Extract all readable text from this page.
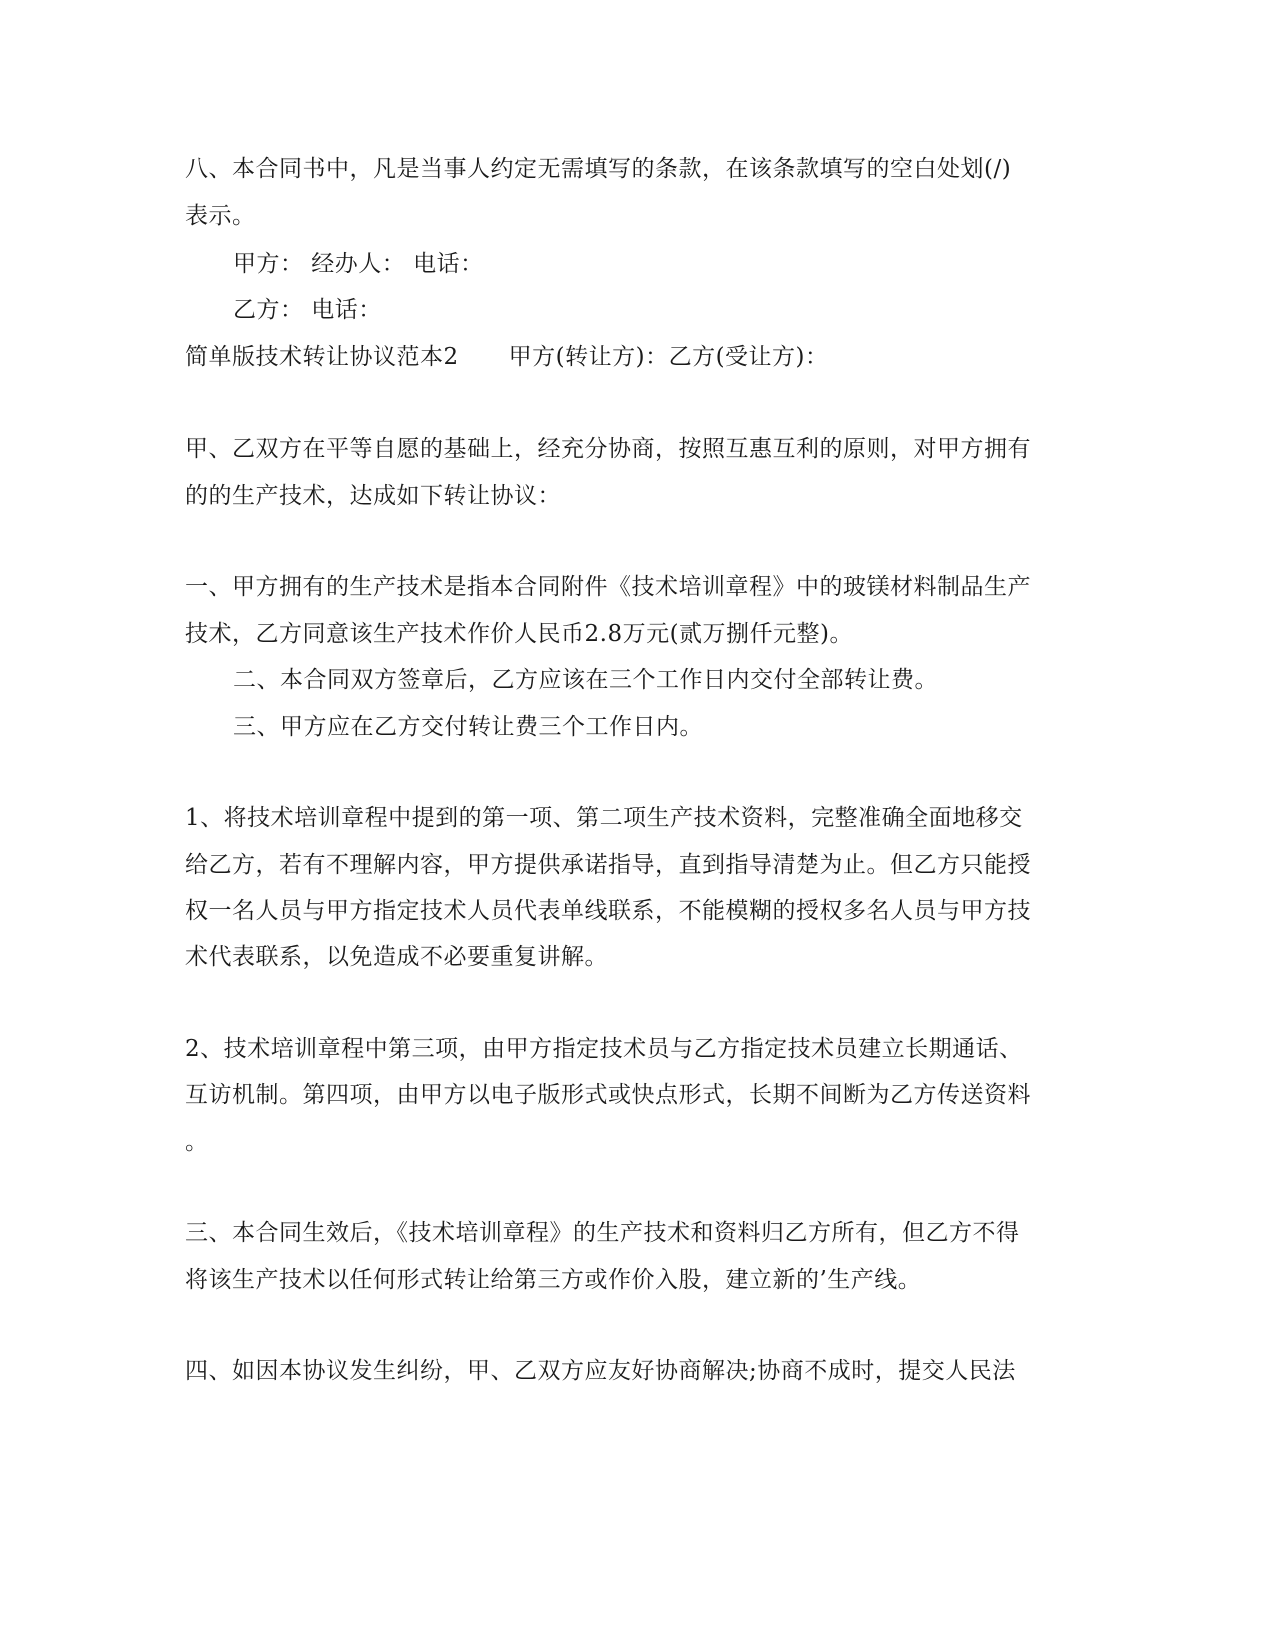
八、本合同书中，凡是当事人约定无需填写的条款，在该条款填写的空白处划(/)
表示。
甲方： 经办人： 电话：
乙方： 电话：
简单版技术转让协议范本2 甲方(转让方)：乙方(受让方)：
甲、乙双方在平等自愿的基础上，经充分协商，按照互惠互利的原则，对甲方拥有
的的生产技术，达成如下转让协议：
一、甲方拥有的生产技术是指本合同附件《技术培训章程》中的玻镁材料制品生产
技术，乙方同意该生产技术作价人民币2.8万元(贰万捌仟元整)。
二、本合同双方签章后，乙方应该在三个工作日内交付全部转让费。
三、甲方应在乙方交付转让费三个工作日内。
1、将技术培训章程中提到的第一项、第二项生产技术资料，完整准确全面地移交
给乙方，若有不理解内容，甲方提供承诺指导，直到指导清楚为止。但乙方只能授
权一名人员与甲方指定技术人员代表单线联系，不能模糊的授权多名人员与甲方技
术代表联系，以免造成不必要重复讲解。
2、技术培训章程中第三项，由甲方指定技术员与乙方指定技术员建立长期通话、
互访机制。第四项，由甲方以电子版形式或快点形式，长期不间断为乙方传送资料
。
三、本合同生效后，《技术培训章程》的生产技术和资料归乙方所有，但乙方不得
将该生产技术以任何形式转让给第三方或作价入股，建立新的’生产线。
四、如因本协议发生纠纷，甲、乙双方应友好协商解决;协商不成时，提交人民法
